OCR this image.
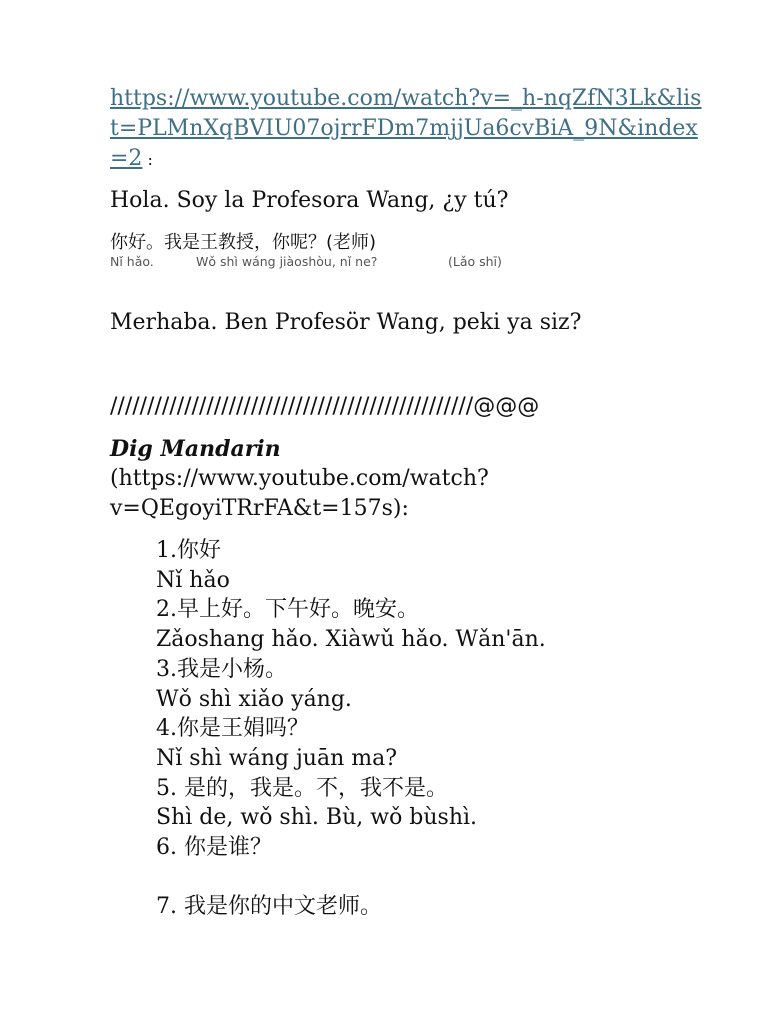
https://www.youtube.com/watch?v=_h-nqZfN3Lk&list=PLMnXqBVIU07ojrrFDm7mjjUa6cvBiA_9N&index=2 :
Hola. Soy la Profesora Wang, ¿y tú?
你好。我是王教授，你呢？(老师)
Nǐ hǎo.	Wǒ shì wáng jiàoshòu, nǐ ne?	(Lǎo shī)
Merhaba. Ben Profesör Wang, peki ya siz?
/////////////////////////////////////////////////@@@
Dig Mandarin
(https://www.youtube.com/watch?
v=QEgoyiTRrFA&t=157s):
1.你好
Nǐ hǎo
2.早上好。下午好。晚安。
Zǎoshang hǎo. Xiàwǔ hǎo. Wǎn'ān.
3.我是小杨。
Wǒ shì xiǎo yáng.
4.你是王娟吗？
Nǐ shì wáng juān ma?
5. 是的，我是。不，我不是。
Shì de, wǒ shì. Bù, wǒ bùshì.
6. 你是谁？
7. 我是你的中文老师。
